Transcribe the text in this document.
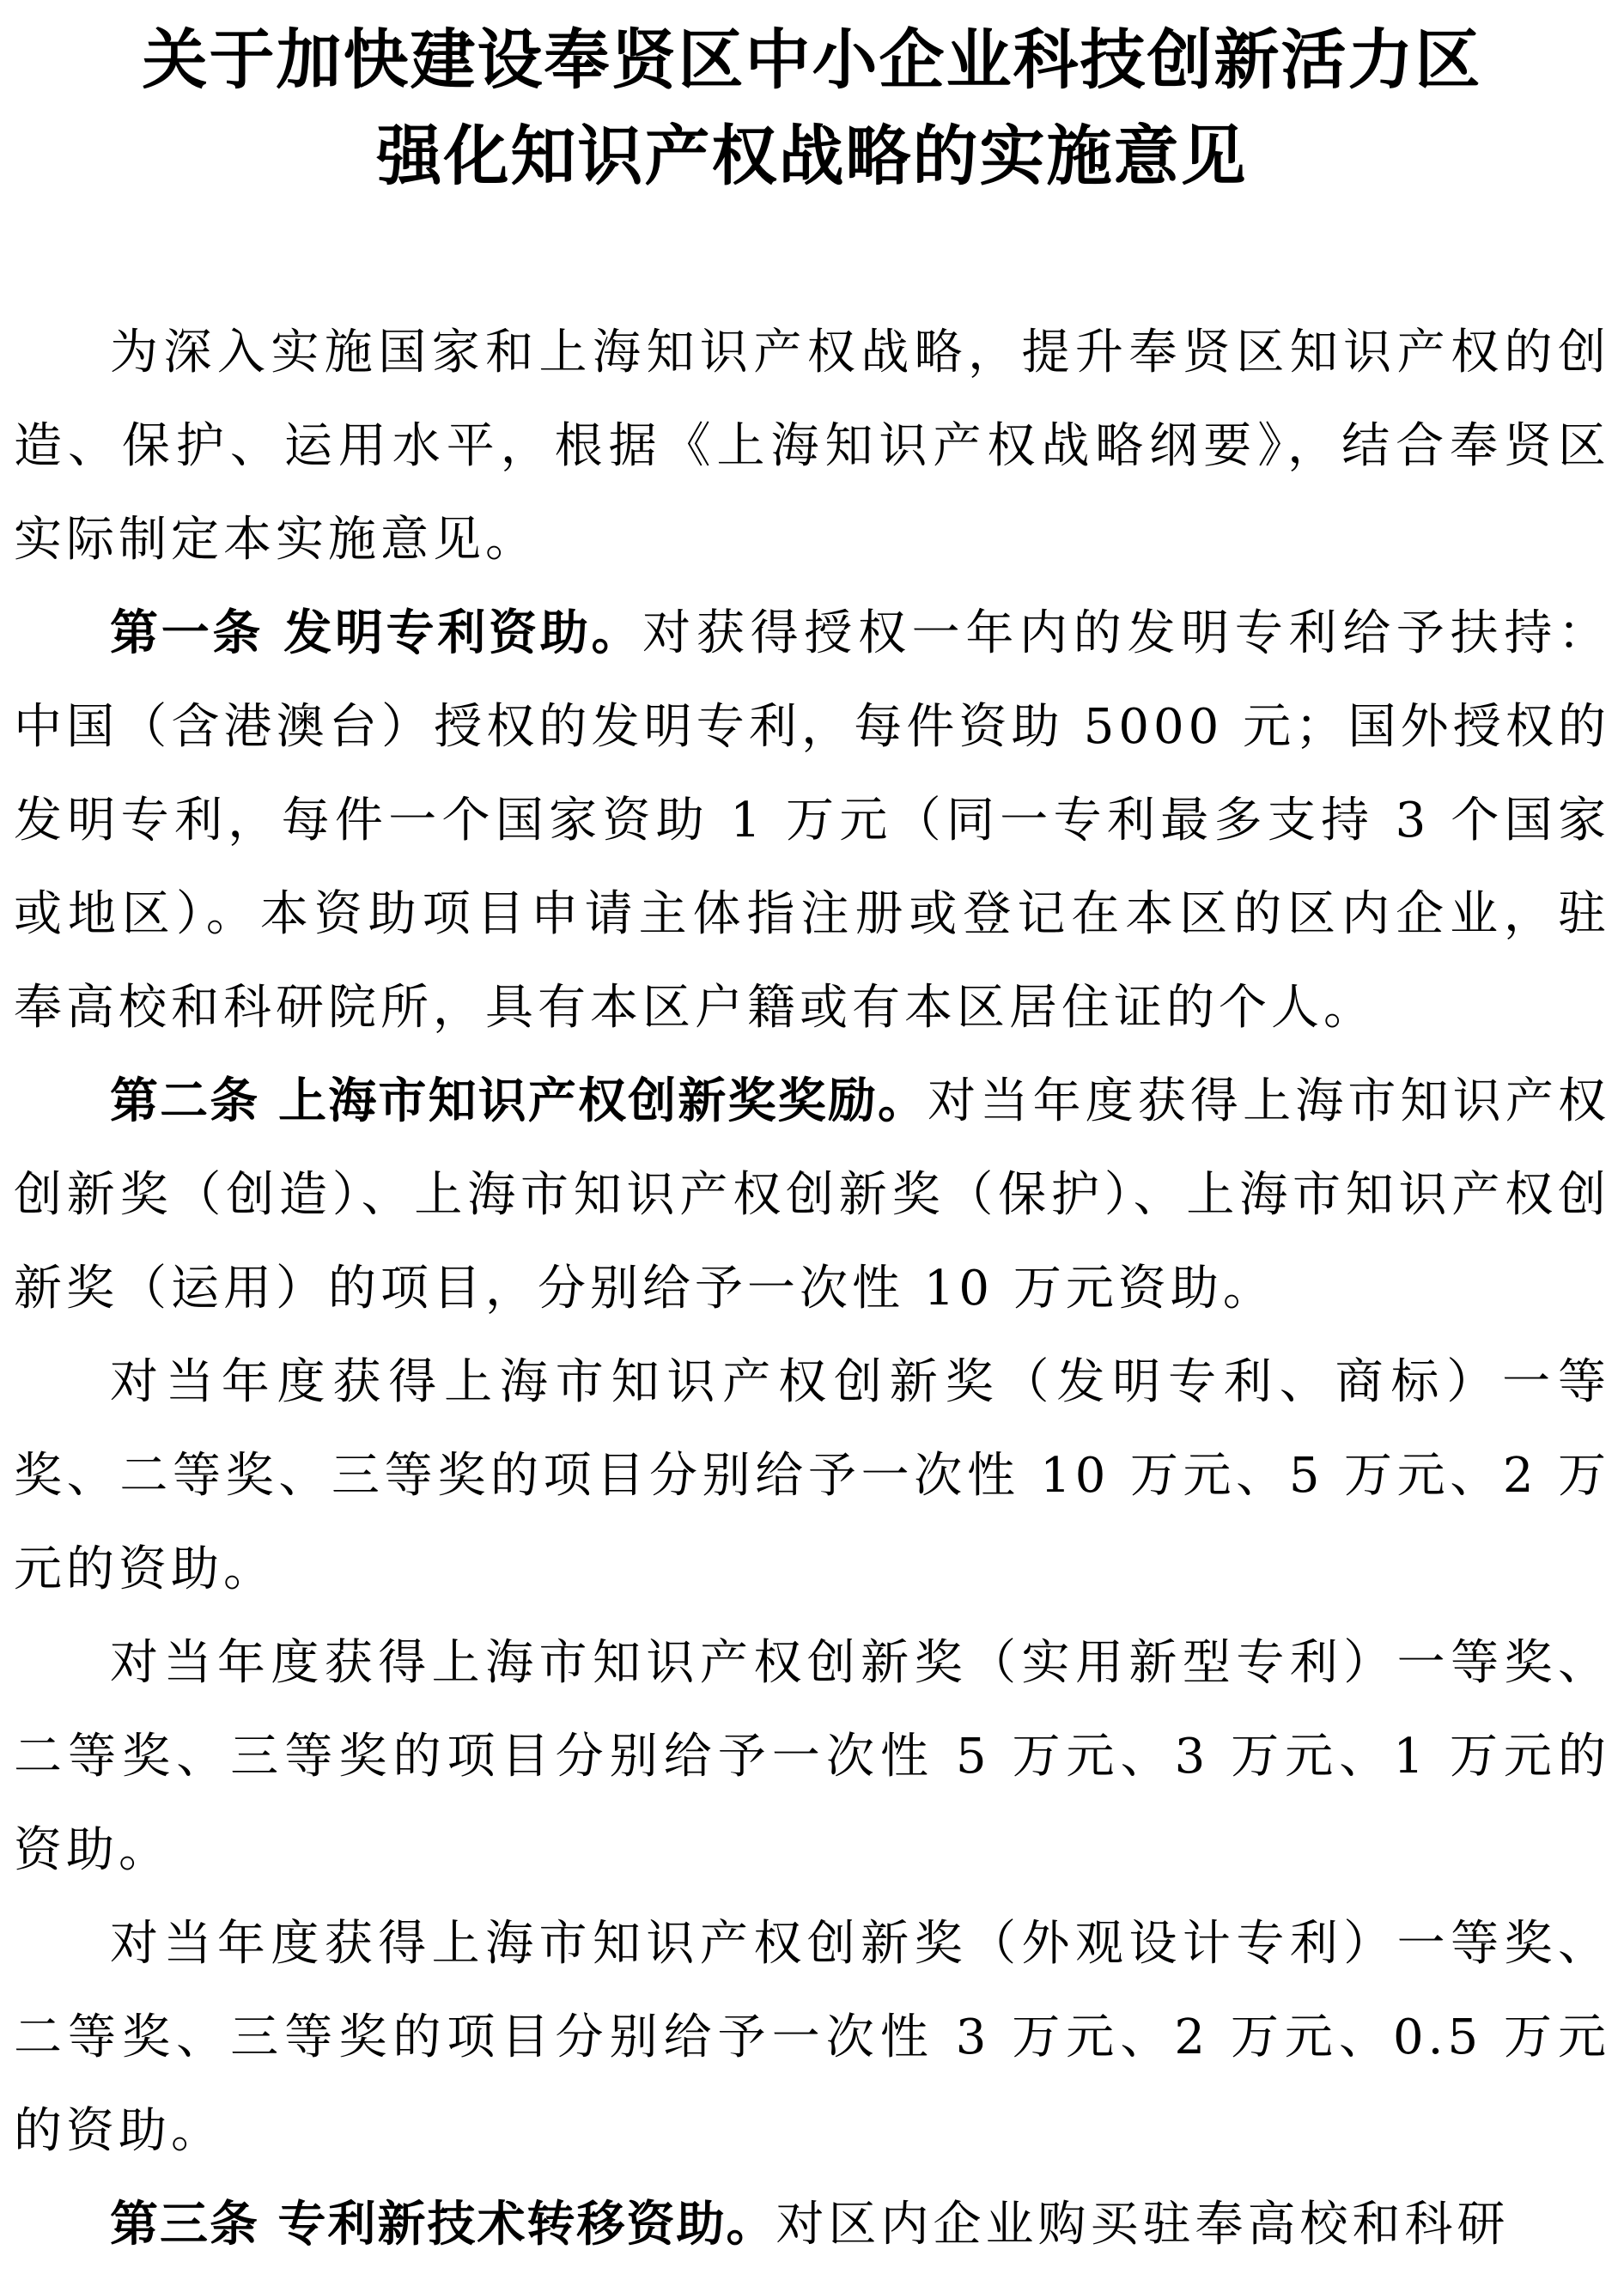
关于加快建设奉贤区中小企业科技创新活力区
强化知识产权战略的实施意见

为深入实施国家和上海知识产权战略，提升奉贤区知识产权的创造、保护、运用水平，根据《上海知识产权战略纲要》，结合奉贤区实际制定本实施意见。

第一条 发明专利资助。对获得授权一年内的发明专利给予扶持：中国（含港澳台）授权的发明专利，每件资助 5000 元；国外授权的发明专利，每件一个国家资助 1 万元（同一专利最多支持 3 个国家或地区）。本资助项目申请主体指注册或登记在本区的区内企业，驻奉高校和科研院所，具有本区户籍或有本区居住证的个人。

第二条 上海市知识产权创新奖奖励。对当年度获得上海市知识产权创新奖（创造）、上海市知识产权创新奖（保护）、上海市知识产权创新奖（运用）的项目，分别给予一次性 10 万元资助。

对当年度获得上海市知识产权创新奖（发明专利、商标）一等奖、二等奖、三等奖的项目分别给予一次性 10 万元、5 万元、2 万元的资助。

对当年度获得上海市知识产权创新奖（实用新型专利）一等奖、二等奖、三等奖的项目分别给予一次性 5 万元、3 万元、1 万元的资助。

对当年度获得上海市知识产权创新奖（外观设计专利）一等奖、二等奖、三等奖的项目分别给予一次性 3 万元、2 万元、0.5 万元的资助。

第三条 专利新技术转移资助。对区内企业购买驻奉高校和科研
